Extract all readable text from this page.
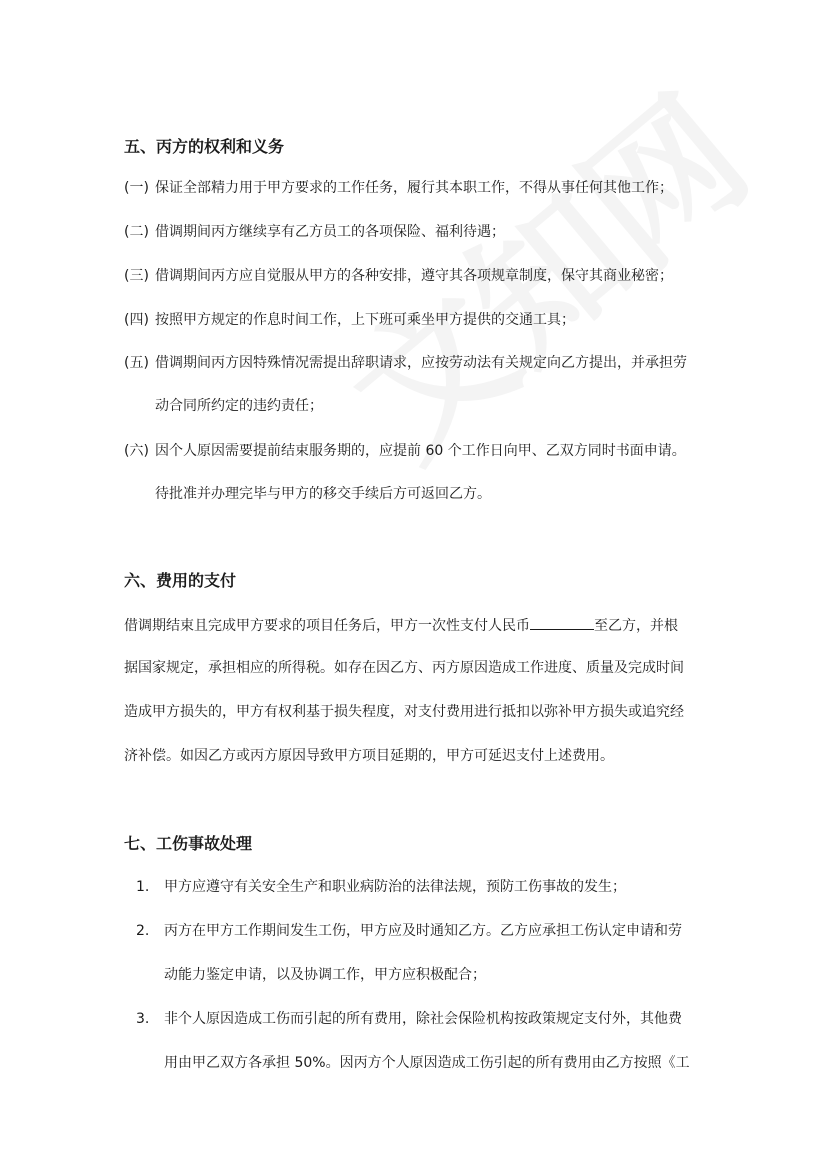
五、丙方的权利和义务
(一) 保证全部精力用于甲方要求的工作任务，履行其本职工作，不得从事任何其他工作；
(二) 借调期间丙方继续享有乙方员工的各项保险、福利待遇；
(三) 借调期间丙方应自觉服从甲方的各种安排，遵守其各项规章制度，保守其商业秘密；
(四) 按照甲方规定的作息时间工作，上下班可乘坐甲方提供的交通工具；
(五) 借调期间丙方因特殊情况需提出辞职请求，应按劳动法有关规定向乙方提出，并承担劳
动合同所约定的违约责任；
(六) 因个人原因需要提前结束服务期的，应提前 60 个工作日向甲、乙双方同时书面申请。
待批准并办理完毕与甲方的移交手续后方可返回乙方。
六、费用的支付
借调期结束且完成甲方要求的项目任务后，甲方一次性支付人民币	至乙方，并根
据国家规定，承担相应的所得税。如存在因乙方、丙方原因造成工作进度、质量及完成时间
造成甲方损失的，甲方有权利基于损失程度，对支付费用进行抵扣以弥补甲方损失或追究经
济补偿。如因乙方或丙方原因导致甲方项目延期的，甲方可延迟支付上述费用。
七、工伤事故处理
1. 甲方应遵守有关安全生产和职业病防治的法律法规，预防工伤事故的发生；
2. 丙方在甲方工作期间发生工伤，甲方应及时通知乙方。乙方应承担工伤认定申请和劳
动能力鉴定申请，以及协调工作，甲方应积极配合；
3. 非个人原因造成工伤而引起的所有费用，除社会保险机构按政策规定支付外，其他费
用由甲乙双方各承担 50%。因丙方个人原因造成工伤引起的所有费用由乙方按照《工
